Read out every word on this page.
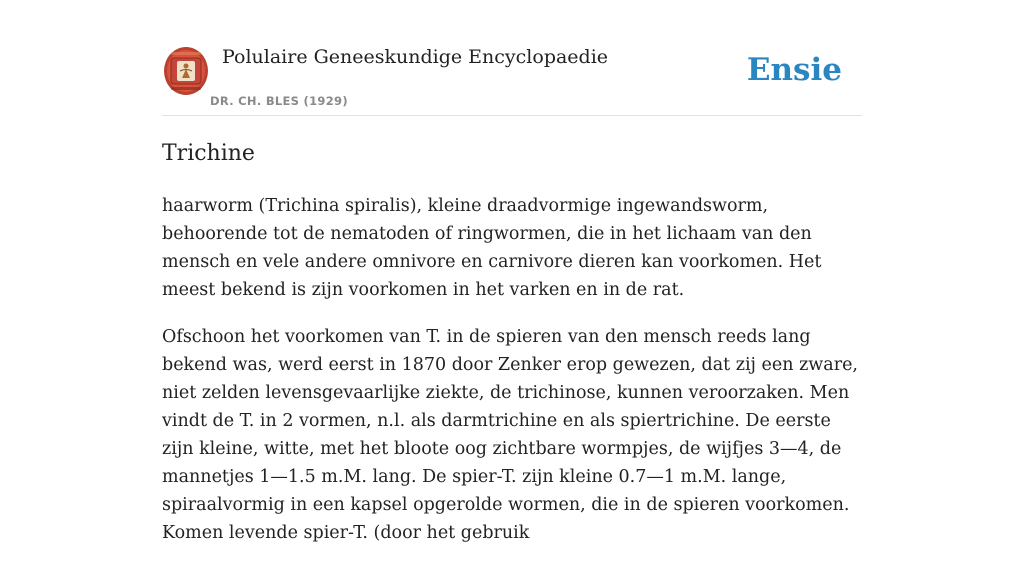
Polulaire Geneeskundige Encyclopaedie
DR. CH. BLES (1929)
Ensie
Trichine

haarworm (Trichina spiralis), kleine draadvormige ingewandsworm, behoorende tot de nematoden of ringwormen, die in het lichaam van den mensch en vele andere omnivore en carnivore dieren kan voorkomen. Het meest bekend is zijn voorkomen in het varken en in de rat.

Ofschoon het voorkomen van T. in de spieren van den mensch reeds lang bekend was, werd eerst in 1870 door Zenker erop gewezen, dat zij een zware, niet zelden levensgevaarlijke ziekte, de trichinose, kunnen veroorzaken. Men vindt de T. in 2 vormen, n.l. als darmtrichine en als spiertrichine. De eerste zijn kleine, witte, met het bloote oog zichtbare wormpjes, de wijfjes 3—4, de mannetjes 1—1.5 m.M. lang. De spier-T. zijn kleine 0.7—1 m.M. lange, spiraalvormig in een kapsel opgerolde wormen, die in de spieren voorkomen. Komen levende spier-T. (door het gebruik
